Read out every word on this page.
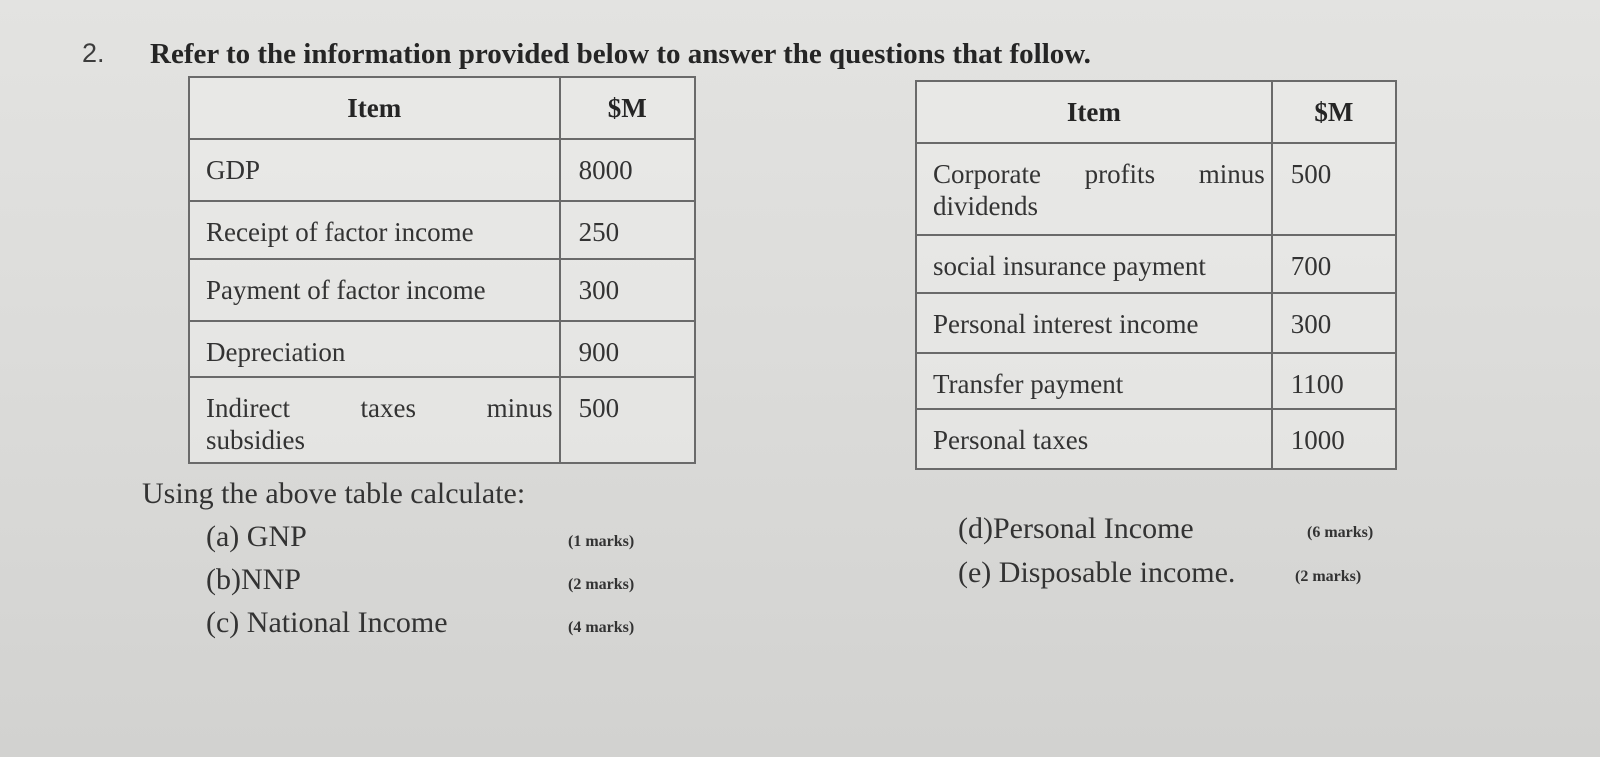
2. Refer to the information provided below to answer the questions that follow.
Item	$M
GDP	8000
Receipt of factor income	250
Payment of factor income	300
Depreciation	900

Indirect taxes minus
subsidies	500
Item	$M

Corporate profits minus
dividends	500
social insurance payment	700
Personal interest income	300
Transfer payment	1100
Personal taxes	1000
Using the above table calculate:
(a) GNP	(1 marks)
(b)NNP	(2 marks)
(c) National Income	(4 marks)
(d)Personal Income	(6 marks)
(e) Disposable income.	(2 marks)
